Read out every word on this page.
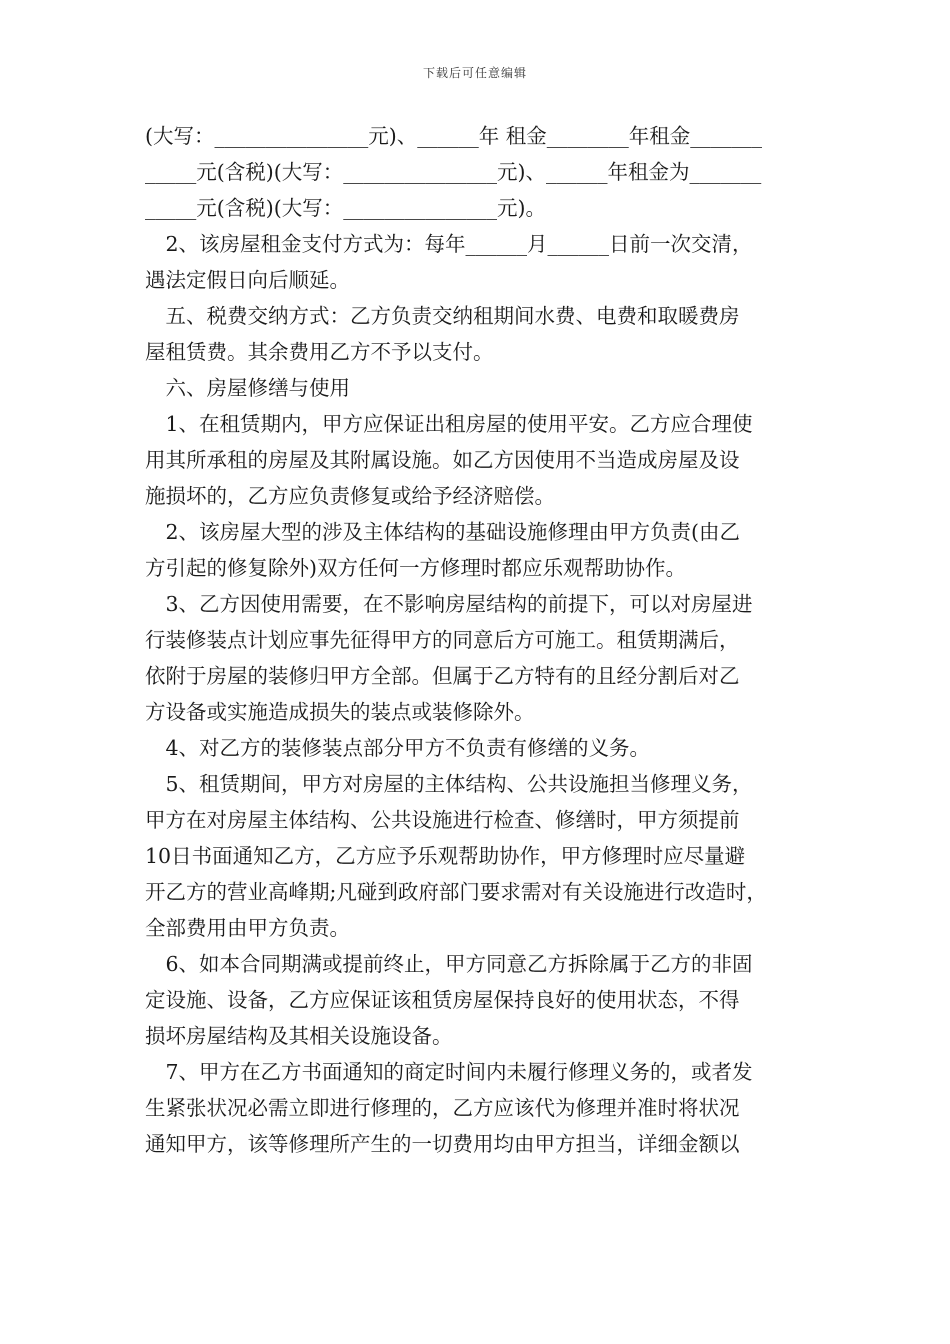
下载后可任意编辑
(大写：_______________元)、______年 租金________年租金_______
_____元(含税)(大写：_______________元)、______年租金为_______
_____元(含税)(大写：_______________元)。
　2、该房屋租金支付方式为：每年______月______日前一次交清，
遇法定假日向后顺延。
　五、税费交纳方式：乙方负责交纳租期间水费、电费和取暖费房
屋租赁费。其余费用乙方不予以支付。
　六、房屋修缮与使用
　1、在租赁期内，甲方应保证出租房屋的使用平安。乙方应合理使
用其所承租的房屋及其附属设施。如乙方因使用不当造成房屋及设
施损坏的，乙方应负责修复或给予经济赔偿。
　2、该房屋大型的涉及主体结构的基础设施修理由甲方负责(由乙
方引起的修复除外)双方任何一方修理时都应乐观帮助协作。
　3、乙方因使用需要，在不影响房屋结构的前提下，可以对房屋进
行装修装点计划应事先征得甲方的同意后方可施工。租赁期满后，
依附于房屋的装修归甲方全部。但属于乙方特有的且经分割后对乙
方设备或实施造成损失的装点或装修除外。
　4、对乙方的装修装点部分甲方不负责有修缮的义务。
　5、租赁期间，甲方对房屋的主体结构、公共设施担当修理义务，
甲方在对房屋主体结构、公共设施进行检查、修缮时，甲方须提前
10日书面通知乙方，乙方应予乐观帮助协作，甲方修理时应尽量避
开乙方的营业高峰期;凡碰到政府部门要求需对有关设施进行改造时，
全部费用由甲方负责。
　6、如本合同期满或提前终止，甲方同意乙方拆除属于乙方的非固
定设施、设备，乙方应保证该租赁房屋保持良好的使用状态，不得
损坏房屋结构及其相关设施设备。
　7、甲方在乙方书面通知的商定时间内未履行修理义务的，或者发
生紧张状况必需立即进行修理的，乙方应该代为修理并准时将状况
通知甲方，该等修理所产生的一切费用均由甲方担当，详细金额以
